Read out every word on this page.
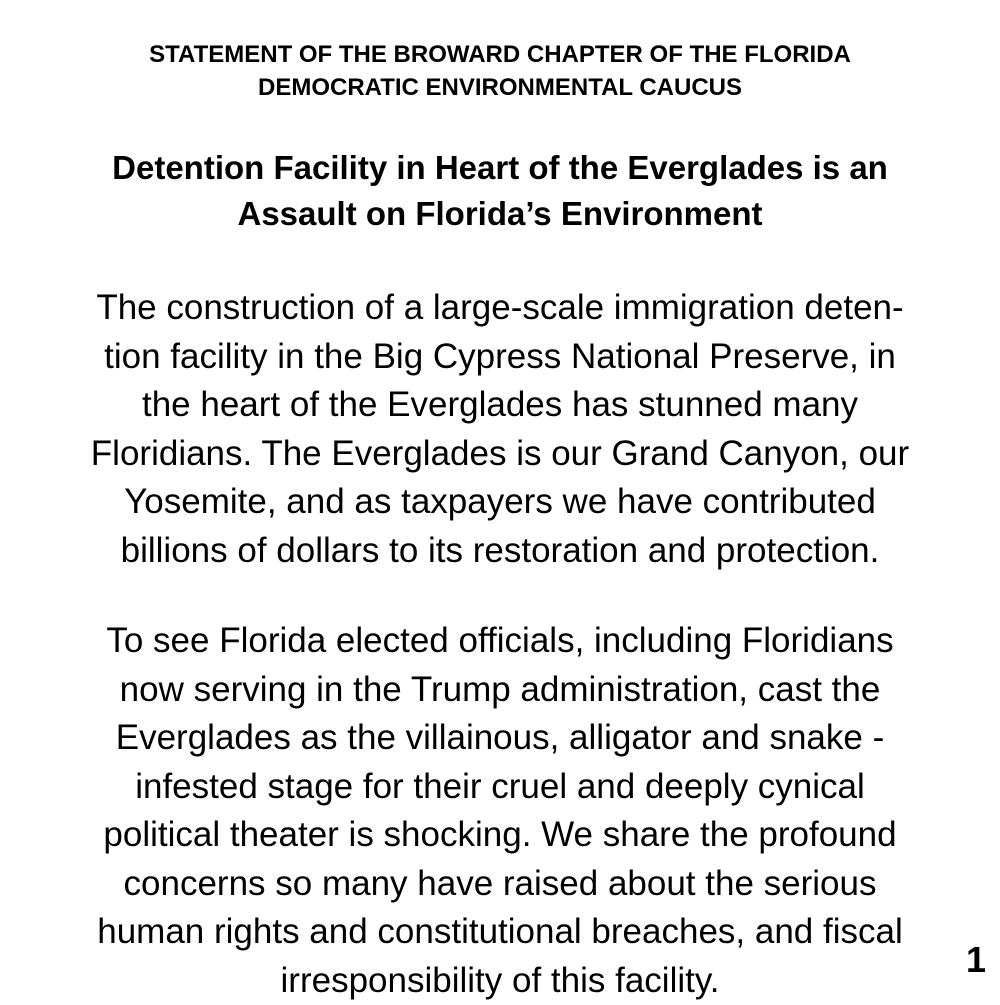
STATEMENT OF THE BROWARD CHAPTER OF THE FLORIDA
DEMOCRATIC ENVIRONMENTAL CAUCUS
Detention Facility in Heart of the Everglades is an
Assault on Florida’s Environment
The construction of a large-scale immigration deten-
tion facility in the Big Cypress National Preserve, in
the heart of the Everglades has stunned many
Floridians. The Everglades is our Grand Canyon, our
Yosemite, and as taxpayers we have contributed
billions of dollars to its restoration and protection.
To see Florida elected officials, including Floridians
now serving in the Trump administration, cast the
Everglades as the villainous, alligator and snake -
infested stage for their cruel and deeply cynical
political theater is shocking. We share the profound
concerns so many have raised about the serious
human rights and constitutional breaches, and fiscal
irresponsibility of this facility.	1
